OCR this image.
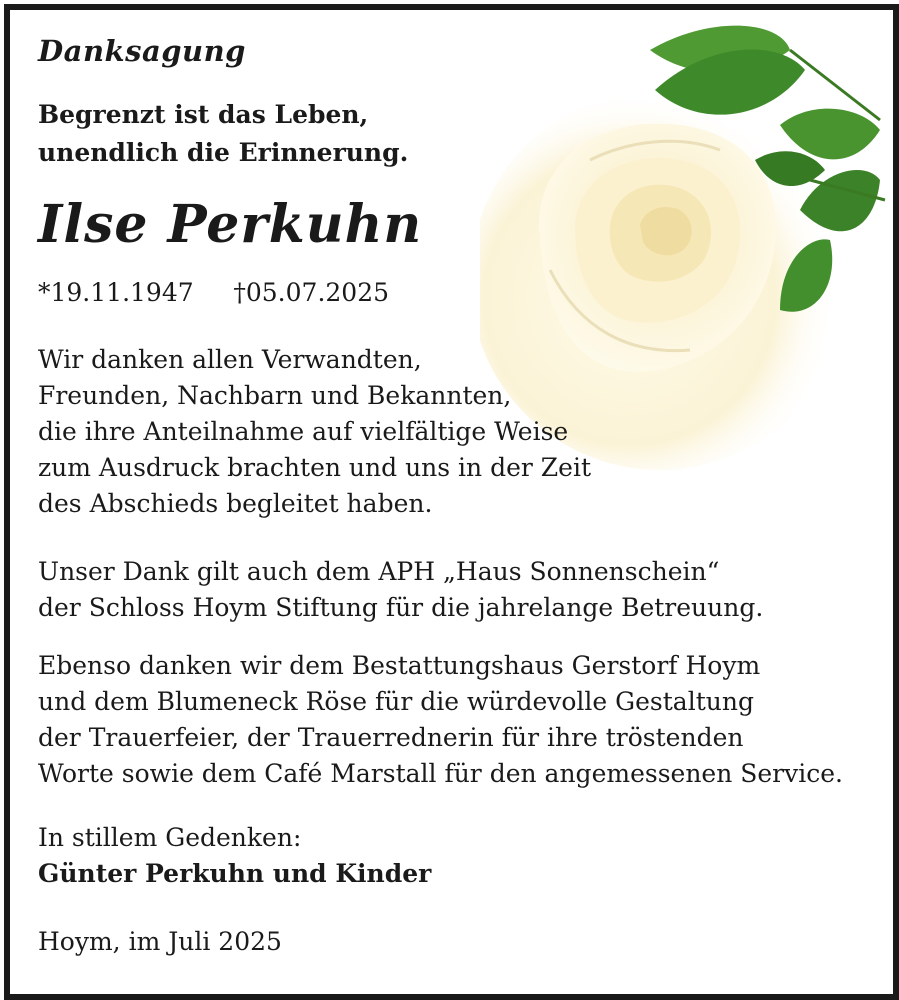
Danksagung
Begrenzt ist das Leben,
unendlich die Erinnerung.
Ilse Perkuhn
*19.11.1947 †05.07.2025

Wir danken allen Verwandten,
Freunden, Nachbarn und Bekannten,
die ihre Anteilnahme auf vielfältige Weise
zum Ausdruck brachten und uns in der Zeit
des Abschieds begleitet haben.

Unser Dank gilt auch dem APH „Haus Sonnenschein“
der Schloss Hoym Stiftung für die jahrelange Betreuung.

Ebenso danken wir dem Bestattungshaus Gerstorf Hoym
und dem Blumeneck Röse für die würdevolle Gestaltung
der Trauerfeier, der Trauerrednerin für ihre tröstenden
Worte sowie dem Café Marstall für den angemessenen Service.

In stillem Gedenken:

Günter Perkuhn und Kinder

Hoym, im Juli 2025
